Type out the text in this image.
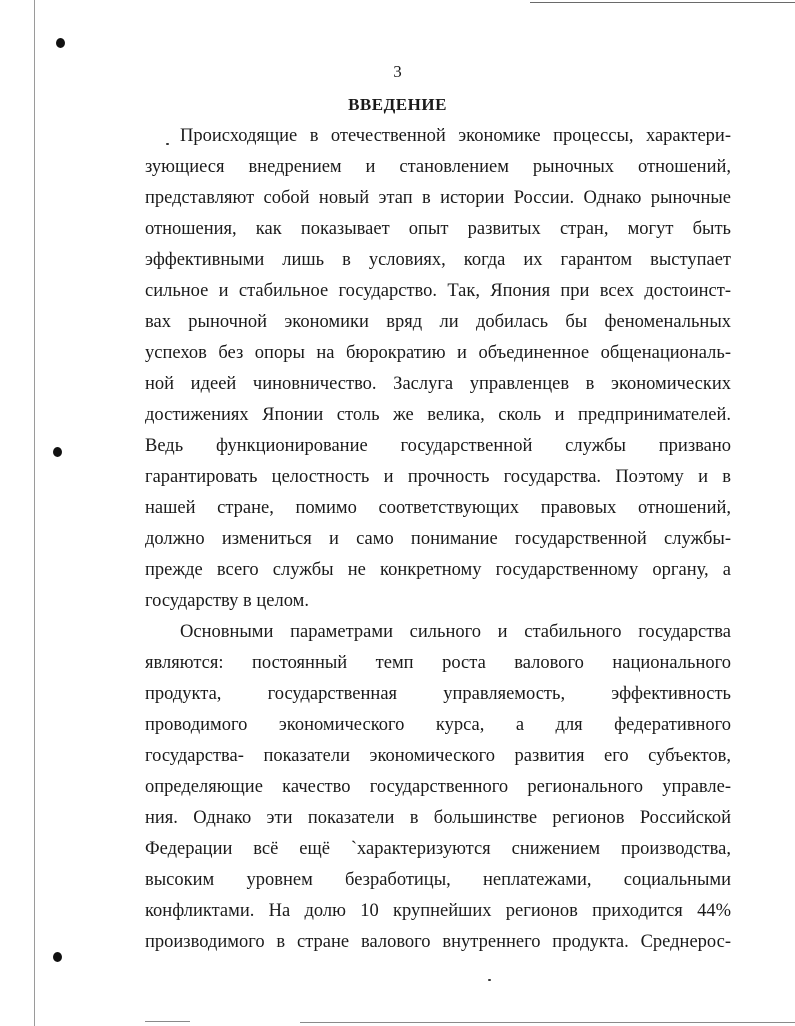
3
ВВЕДЕНИЕ
Происходящие в отечественной экономике процессы, характери-
зующиеся внедрением и становлением рыночных отношений,
представляют собой новый этап в истории России. Однако рыночные
отношения, как показывает опыт развитых стран, могут быть
эффективными лишь в условиях, когда их гарантом выступает
сильное и стабильное государство. Так, Япония при всех достоинст-
вах рыночной экономики вряд ли добилась бы феноменальных
успехов без опоры на бюрократию и объединенное общенациональ-
ной идеей чиновничество. Заслуга управленцев в экономических
достижениях Японии столь же велика, сколь и предпринимателей.
Ведь функционирование государственной службы призвано
гарантировать целостность и прочность государства. Поэтому и в
нашей стране, помимо соответствующих правовых отношений,
должно измениться и само понимание государственной службы-
прежде всего службы не конкретному государственному органу, а
государству в целом.
Основными параметрами сильного и стабильного государства
являются: постоянный темп роста валового национального
продукта, государственная управляемость, эффективность
проводимого экономического курса, а для федеративного
государства- показатели экономического развития его субъектов,
определяющие качество государственного регионального управле-
ния. Однако эти показатели в большинстве регионов Российской
Федерации всё ещё `характеризуются снижением производства,
высоким уровнем безработицы, неплатежами, социальными
конфликтами. На долю 10 крупнейших регионов приходится 44%
производимого в стране валового внутреннего продукта. Среднерос-
